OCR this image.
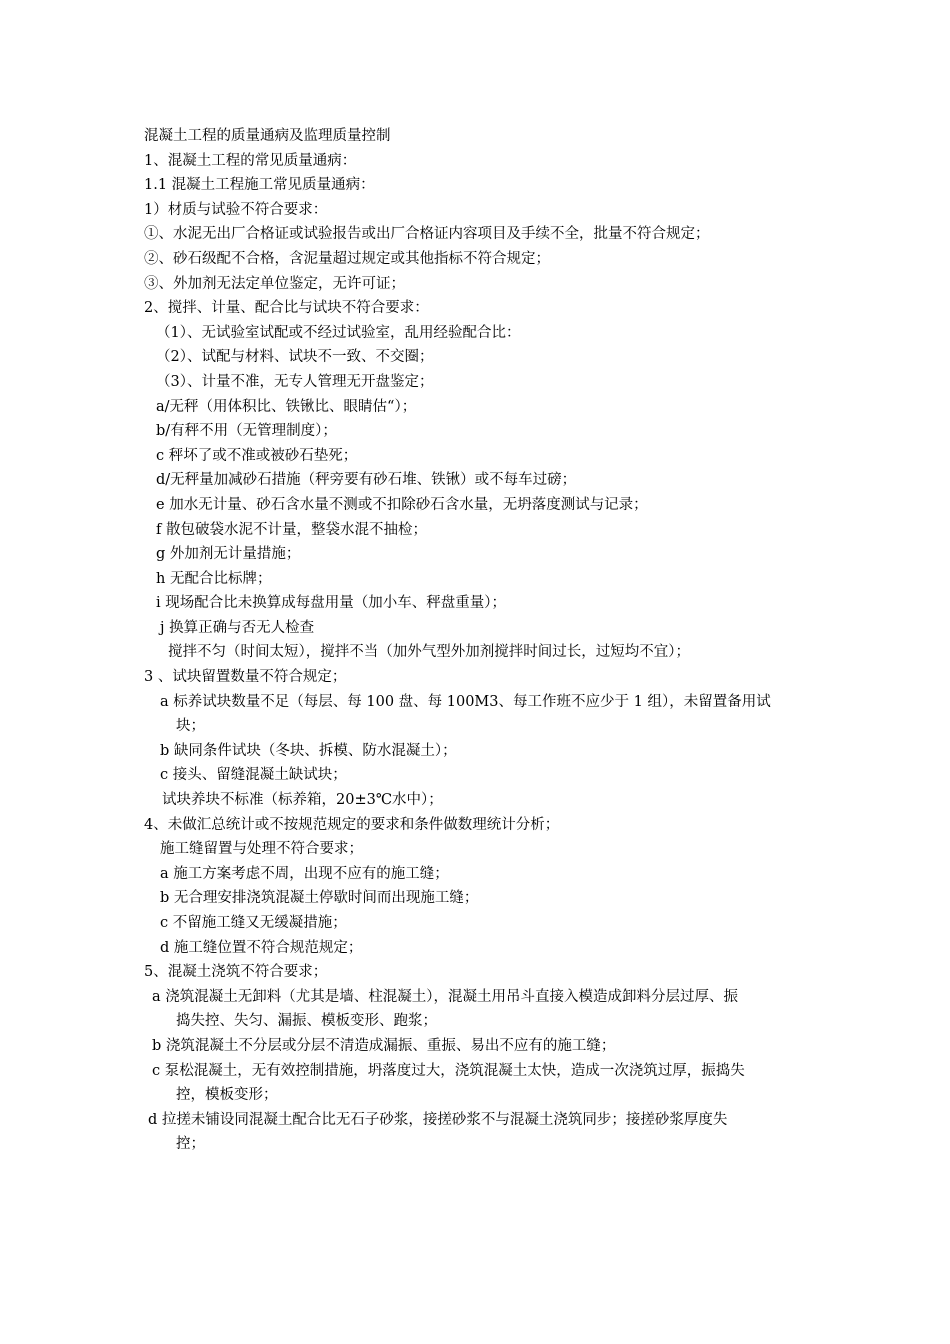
混凝土工程的质量通病及监理质量控制
1、混凝土工程的常见质量通病：
1.1 混凝土工程施工常见质量通病：
1）材质与试验不符合要求：
①、水泥无出厂合格证或试验报告或出厂合格证内容项目及手续不全，批量不符合规定；
②、砂石级配不合格，含泥量超过规定或其他指标不符合规定；
③、外加剂无法定单位鉴定，无许可证；
2、搅拌、计量、配合比与试块不符合要求：
（1）、无试验室试配或不经过试验室，乱用经验配合比：
（2）、试配与材料、试块不一致、不交圈；
（3）、计量不准，无专人管理无开盘鉴定；
a/无秤（用体积比、铁锹比、眼睛估“）；
b/有秤不用（无管理制度）；
c 秤坏了或不准或被砂石垫死；
d/无秤量加减砂石措施（秤旁要有砂石堆、铁锹）或不每车过磅；
e 加水无计量、砂石含水量不测或不扣除砂石含水量，无坍落度测试与记录；
f 散包破袋水泥不计量，整袋水混不抽检；
g 外加剂无计量措施；
h 无配合比标牌；
i 现场配合比未换算成每盘用量（加小车、秤盘重量）；
j 换算正确与否无人检查
搅拌不匀（时间太短），搅拌不当（加外气型外加剂搅拌时间过长，过短均不宜）；
3 、试块留置数量不符合规定；
a 标养试块数量不足（每层、每 100 盘、每 100M3、每工作班不应少于 1 组），未留置备用试
块；
b 缺同条件试块（冬块、拆模、防水混凝土）；
c 接头、留缝混凝土缺试块；
试块养块不标准（标养箱，20±3℃水中）；
4、未做汇总统计或不按规范规定的要求和条件做数理统计分析；
施工缝留置与处理不符合要求；
a 施工方案考虑不周，出现不应有的施工缝；
b 无合理安排浇筑混凝土停歇时间而出现施工缝；
c 不留施工缝又无缓凝措施；
d 施工缝位置不符合规范规定；
5、混凝土浇筑不符合要求；
a 浇筑混凝土无卸料（尤其是墙、柱混凝土），混凝土用吊斗直接入模造成卸料分层过厚、振
捣失控、失匀、漏振、模板变形、跑浆；
b 浇筑混凝土不分层或分层不清造成漏振、重振、易出不应有的施工缝；
c 泵松混凝土，无有效控制措施，坍落度过大，浇筑混凝土太快，造成一次浇筑过厚，振捣失
控，模板变形；
d 拉搓未铺设同混凝土配合比无石子砂浆，接搓砂浆不与混凝土浇筑同步；接搓砂浆厚度失
控；
